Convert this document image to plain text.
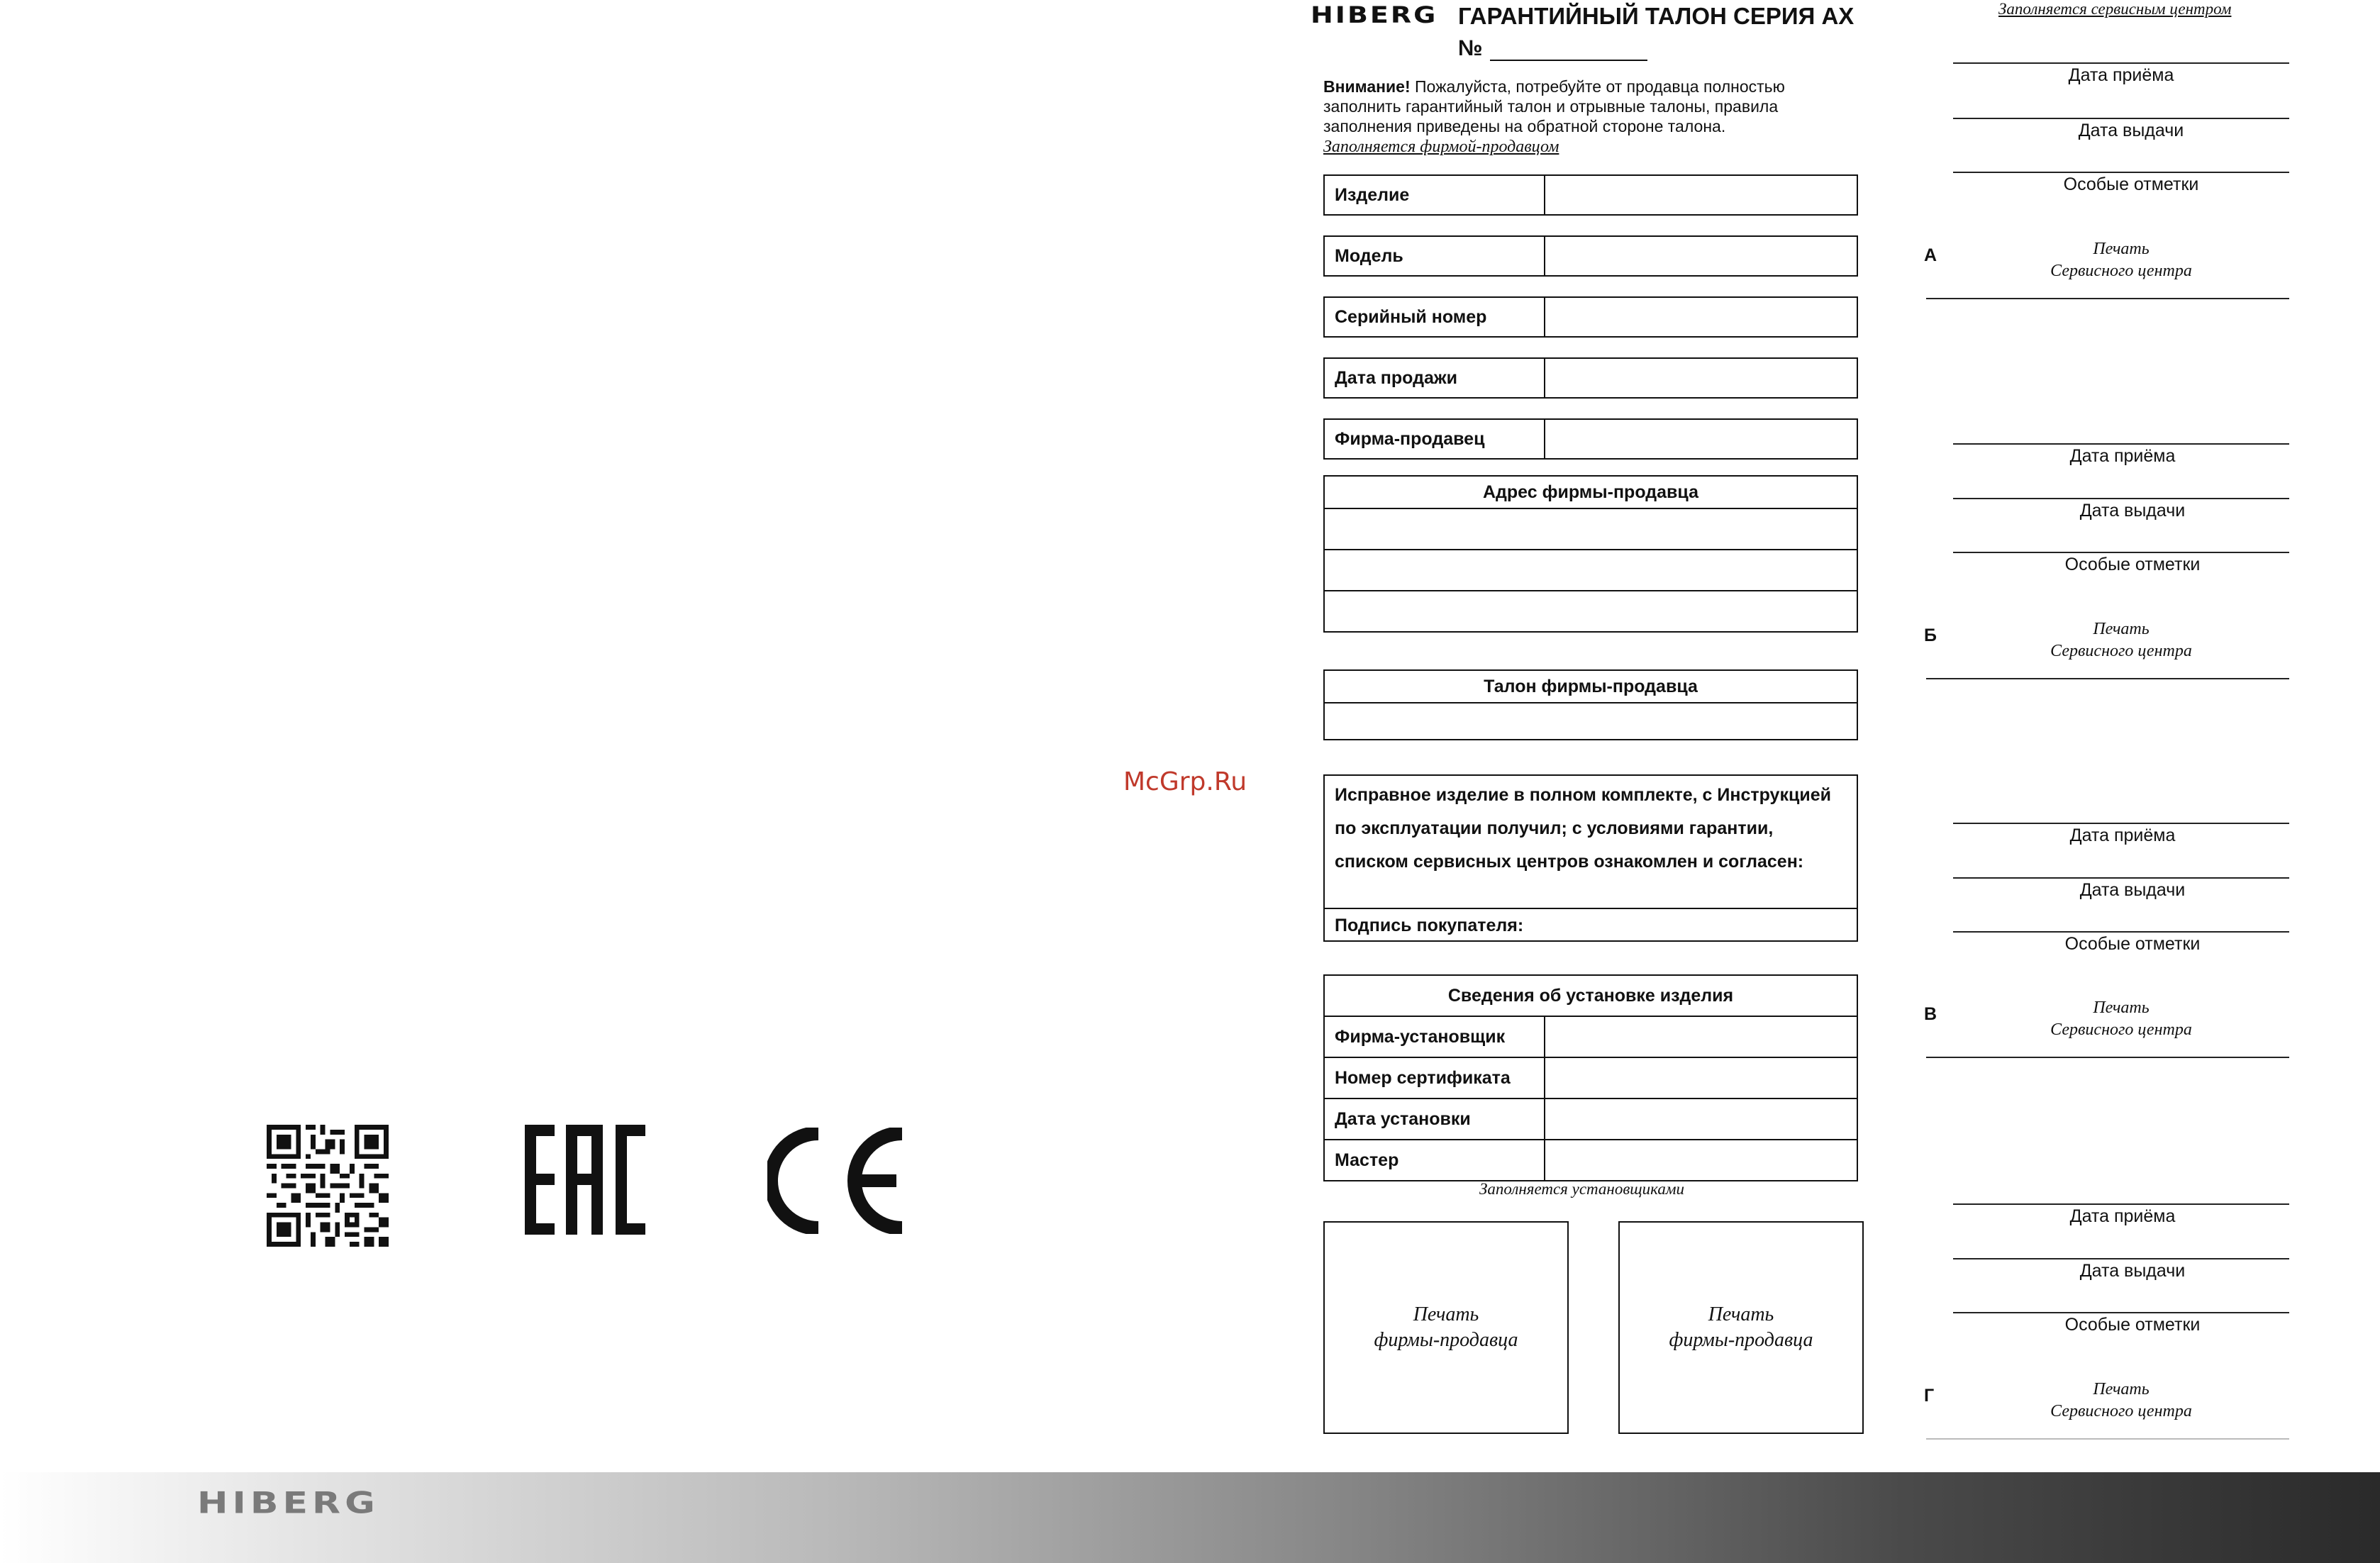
McGrp.Ru
HIBERG
HIBERG ГАРАНТИЙНЫЙ ТАЛОН СЕРИЯ AX
№
Внимание! Пожалуйста, потребуйте от продавца полностью заполнить гарантийный талон и отрывные талоны, правила заполнения приведены на обратной стороне талона.
Заполняется фирмой-продавцом
Изделие
Модель
Серийный номер
Дата продажи
Фирма-продавец
Адрес фирмы-продавца
Талон фирмы-продавца
Исправное изделие в полном комплекте, с Инструкцией по эксплуатации получил; с условиями гарантии, списком сервисных центров ознакомлен и согласен:
Подпись покупателя:
Сведения об установке изделия
Фирма-установщик
Номер сертификата
Дата установки
Мастер
Заполняется установщиками
Печать
фирмы-продавца
Печать
фирмы-продавца
Заполняется сервисным центром
Дата приёма
Дата выдачи
Особые отметки
А	Печать
Сервисного центра
Дата приёма
Дата выдачи
Особые отметки
Б	Печать
Сервисного центра
Дата приёма
Дата выдачи
Особые отметки
В	Печать
Сервисного центра
Дата приёма
Дата выдачи
Особые отметки
Г	Печать
Сервисного центра
